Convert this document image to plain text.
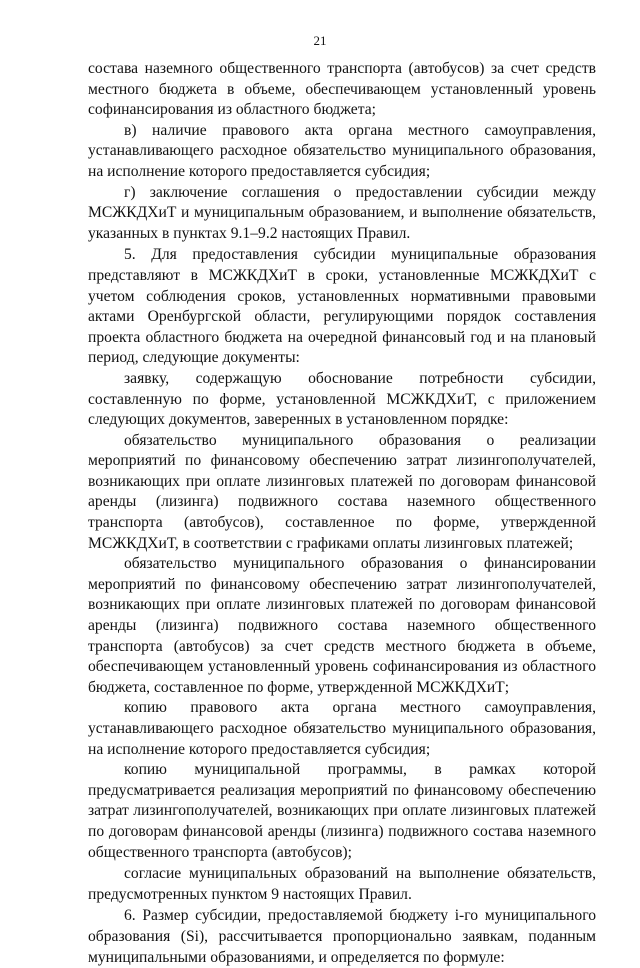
21

состава наземного общественного транспорта (автобусов) за счет средств местного бюджета в объеме, обеспечивающем установленный уровень софинансирования из областного бюджета;

в) наличие правового акта органа местного самоуправления, устанавливающего расходное обязательство муниципального образования, на исполнение которого предоставляется субсидия;

г) заключение соглашения о предоставлении субсидии между МСЖКДХиТ и муниципальным образованием, и выполнение обязательств, указанных в пунктах 9.1–9.2 настоящих Правил.

5. Для предоставления субсидии муниципальные образования представляют в МСЖКДХиТ в сроки, установленные МСЖКДХиТ с учетом соблюдения сроков, установленных нормативными правовыми актами Оренбургской области, регулирующими порядок составления проекта областного бюджета на очередной финансовый год и на плановый период, следующие документы:

заявку, содержащую обоснование потребности субсидии, составленную по форме, установленной МСЖКДХиТ, с приложением следующих документов, заверенных в установленном порядке:

обязательство муниципального образования о реализации мероприятий по финансовому обеспечению затрат лизингополучателей, возникающих при оплате лизинговых платежей по договорам финансовой аренды (лизинга) подвижного состава наземного общественного транспорта (автобусов), составленное по форме, утвержденной МСЖКДХиТ, в соответствии с графиками оплаты лизинговых платежей;

обязательство муниципального образования о финансировании мероприятий по финансовому обеспечению затрат лизингополучателей, возникающих при оплате лизинговых платежей по договорам финансовой аренды (лизинга) подвижного состава наземного общественного транспорта (автобусов) за счет средств местного бюджета в объеме, обеспечивающем установленный уровень софинансирования из областного бюджета, составленное по форме, утвержденной МСЖКДХиТ;

копию правового акта органа местного самоуправления, устанавливающего расходное обязательство муниципального образования, на исполнение которого предоставляется субсидия;

копию муниципальной программы, в рамках которой предусматривается реализация мероприятий по финансовому обеспечению затрат лизингополучателей, возникающих при оплате лизинговых платежей по договорам финансовой аренды (лизинга) подвижного состава наземного общественного транспорта (автобусов);

согласие муниципальных образований на выполнение обязательств, предусмотренных пунктом 9 настоящих Правил.

6. Размер субсидии, предоставляемой бюджету i-го муниципального образования (Si), рассчитывается пропорционально заявкам, поданным муниципальными образованиями, и определяется по формуле:
